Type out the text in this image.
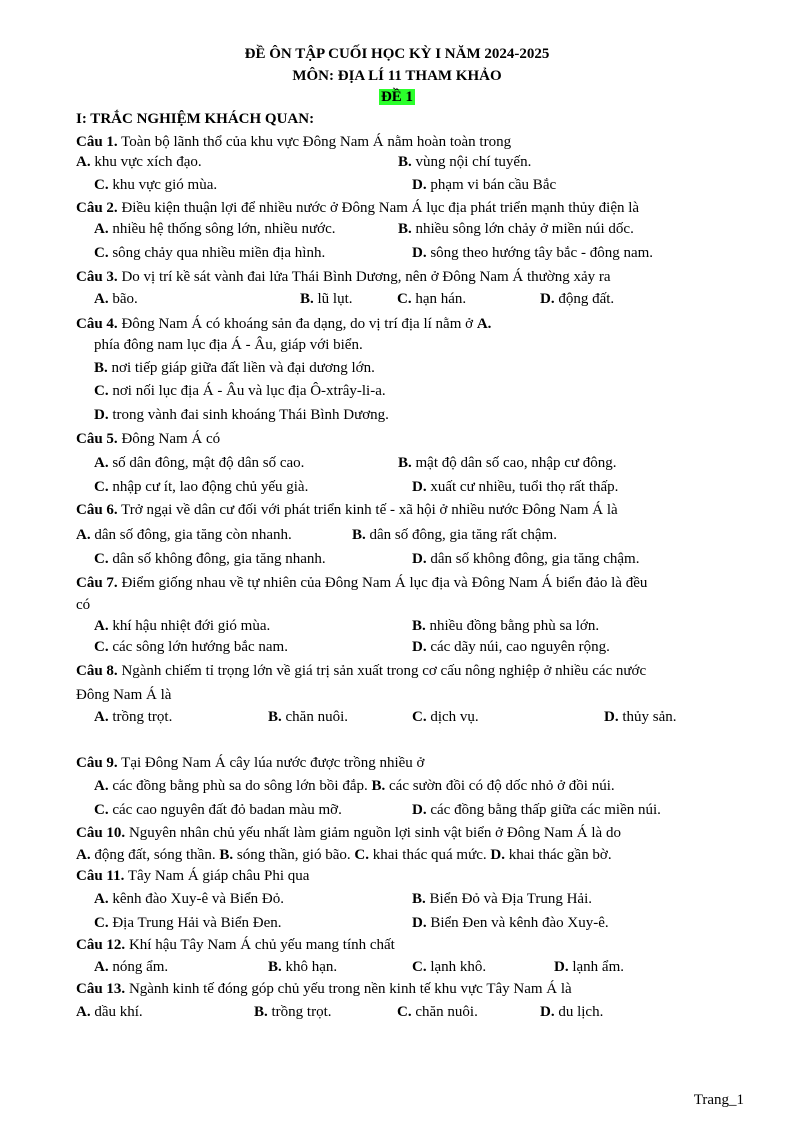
ĐỀ ÔN TẬP CUỐI HỌC KỲ I NĂM 2024-2025
MÔN: ĐỊA LÍ 11 THAM KHẢO
ĐỀ 1
I: TRẮC NGHIỆM KHÁCH QUAN:
Câu 1. Toàn bộ lãnh thổ của khu vực Đông Nam Á nằm hoàn toàn trong
A. khu vực xích đạo.	B. vùng nội chí tuyến.
C. khu vực gió mùa.	D. phạm vi bán cầu Bắc
Câu 2. Điều kiện thuận lợi để nhiều nước ở Đông Nam Á lục địa phát triển mạnh thủy điện là
A. nhiều hệ thống sông lớn, nhiều nước.	B. nhiều sông lớn chảy ở miền núi dốc.
C. sông chảy qua nhiều miền địa hình.	D. sông theo hướng tây bắc - đông nam.
Câu 3. Do vị trí kề sát vành đai lửa Thái Bình Dương, nên ở Đông Nam Á thường xảy ra
A. bão.	B. lũ lụt.	C. hạn hán.	D. động đất.
Câu 4. Đông Nam Á có khoáng sản đa dạng, do vị trí địa lí nằm ở A.
phía đông nam lục địa Á - Âu, giáp với biển.
B. nơi tiếp giáp giữa đất liền và đại dương lớn.
C. nơi nối lục địa Á - Âu và lục địa Ô-xtrây-li-a.
D. trong vành đai sinh khoáng Thái Bình Dương.
Câu 5. Đông Nam Á có
A. số dân đông, mật độ dân số cao.	B. mật độ dân số cao, nhập cư đông.
C. nhập cư ít, lao động chủ yếu già.	D. xuất cư nhiều, tuổi thọ rất thấp.
Câu 6. Trở ngại về dân cư đối với phát triển kinh tế - xã hội ở nhiều nước Đông Nam Á là
A. dân số đông, gia tăng còn nhanh.	B. dân số đông, gia tăng rất chậm.
C. dân số không đông, gia tăng nhanh.	D. dân số không đông, gia tăng chậm.
Câu 7. Điểm giống nhau về tự nhiên của Đông Nam Á lục địa và Đông Nam Á biển đảo là đều
có
A. khí hậu nhiệt đới gió mùa.	B. nhiều đồng bằng phù sa lớn.
C. các sông lớn hướng bắc nam.	D. các dãy núi, cao nguyên rộng.
Câu 8. Ngành chiếm tỉ trọng lớn về giá trị sản xuất trong cơ cấu nông nghiệp ở nhiều các nước
Đông Nam Á là
A. trồng trọt.	B. chăn nuôi.	C. dịch vụ.	D. thủy sản.
Câu 9. Tại Đông Nam Á cây lúa nước được trồng nhiều ở
A. các đồng bằng phù sa do sông lớn bồi đắp. B. các sườn đồi có độ dốc nhỏ ở đồi núi.
C. các cao nguyên đất đỏ badan màu mỡ.	D. các đồng bằng thấp giữa các miền núi.
Câu 10. Nguyên nhân chủ yếu nhất làm giảm nguồn lợi sinh vật biển ở Đông Nam Á là do
A. động đất, sóng thần. B. sóng thần, gió bão. C. khai thác quá mức. D. khai thác gần bờ.
Câu 11. Tây Nam Á giáp châu Phi qua
A. kênh đào Xuy-ê và Biển Đỏ.	B. Biển Đỏ và Địa Trung Hải.
C. Địa Trung Hải và Biển Đen.	D. Biển Đen và kênh đào Xuy-ê.
Câu 12. Khí hậu Tây Nam Á chủ yếu mang tính chất
A. nóng ẩm.	B. khô hạn.	C. lạnh khô.	D. lạnh ẩm.
Câu 13. Ngành kinh tế đóng góp chủ yếu trong nền kinh tế khu vực Tây Nam Á là
A. dầu khí.	B. trồng trọt.	C. chăn nuôi.	D. du lịch.
Trang_1
